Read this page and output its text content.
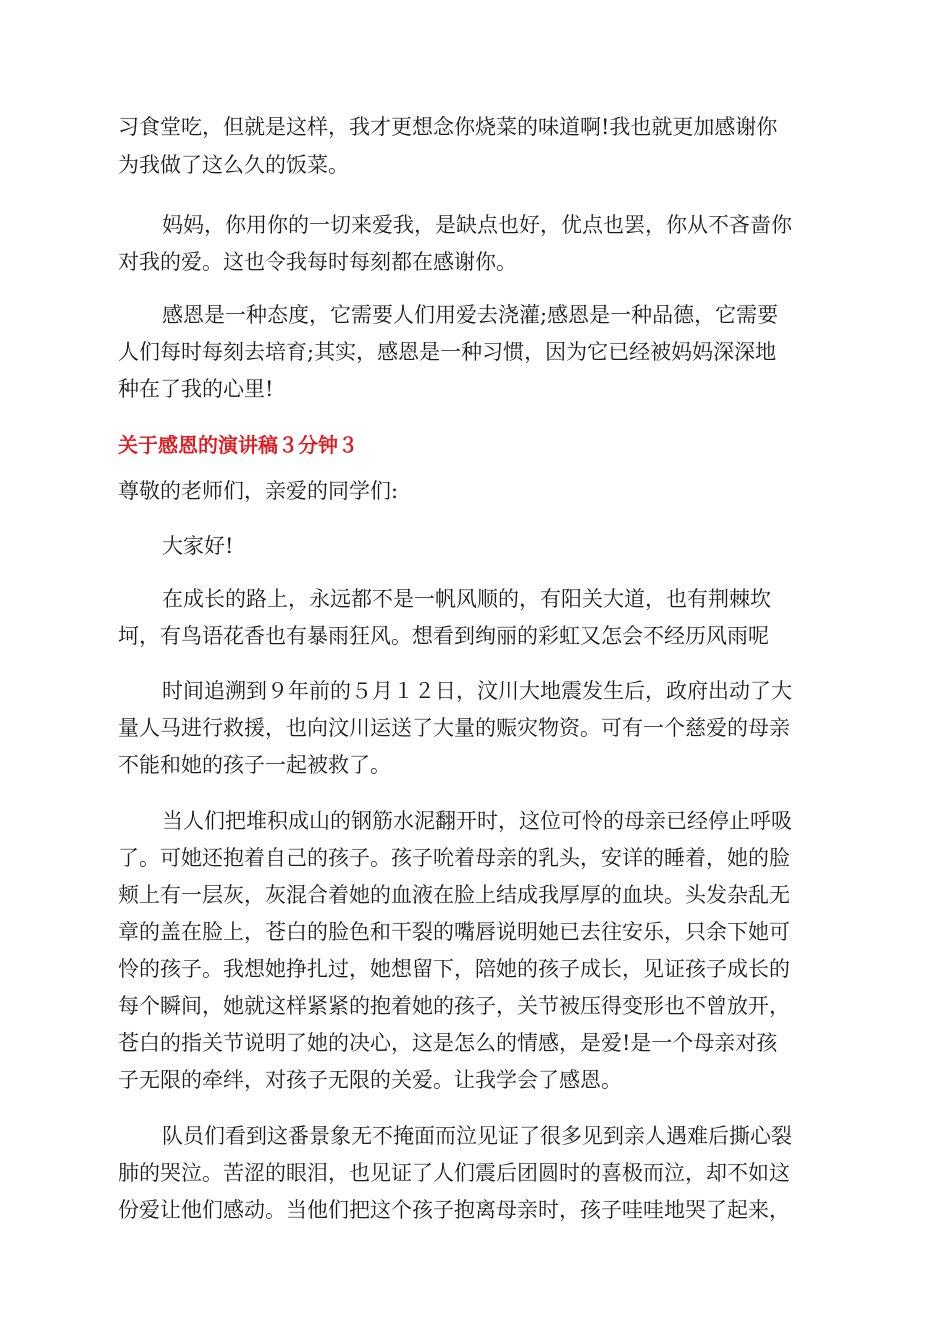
习食堂吃，但就是这样，我才更想念你烧菜的味道啊!我也就更加感谢你
为我做了这么久的饭菜。
妈妈，你用你的一切来爱我，是缺点也好，优点也罢，你从不吝啬你
对我的爱。这也令我每时每刻都在感谢你。
感恩是一种态度，它需要人们用爱去浇灌;感恩是一种品德，它需要
人们每时每刻去培育;其实，感恩是一种习惯，因为它已经被妈妈深深地
种在了我的心里!
关于感恩的演讲稿３分钟３
尊敬的老师们，亲爱的同学们:
大家好!
在成长的路上，永远都不是一帆风顺的，有阳关大道，也有荆棘坎
坷，有鸟语花香也有暴雨狂风。想看到绚丽的彩虹又怎会不经历风雨呢
时间追溯到９年前的５月１２日，汶川大地震发生后，政府出动了大
量人马进行救援，也向汶川运送了大量的赈灾物资。可有一个慈爱的母亲
不能和她的孩子一起被救了。
当人们把堆积成山的钢筋水泥翻开时，这位可怜的母亲已经停止呼吸
了。可她还抱着自己的孩子。孩子吮着母亲的乳头，安详的睡着，她的脸
颊上有一层灰，灰混合着她的血液在脸上结成我厚厚的血块。头发杂乱无
章的盖在脸上，苍白的脸色和干裂的嘴唇说明她已去往安乐，只余下她可
怜的孩子。我想她挣扎过，她想留下，陪她的孩子成长，见证孩子成长的
每个瞬间，她就这样紧紧的抱着她的孩子，关节被压得变形也不曾放开，
苍白的指关节说明了她的决心，这是怎么的情感，是爱!是一个母亲对孩
子无限的牵绊，对孩子无限的关爱。让我学会了感恩。
队员们看到这番景象无不掩面而泣见证了很多见到亲人遇难后撕心裂
肺的哭泣。苦涩的眼泪，也见证了人们震后团圆时的喜极而泣，却不如这
份爱让他们感动。当他们把这个孩子抱离母亲时，孩子哇哇地哭了起来，
